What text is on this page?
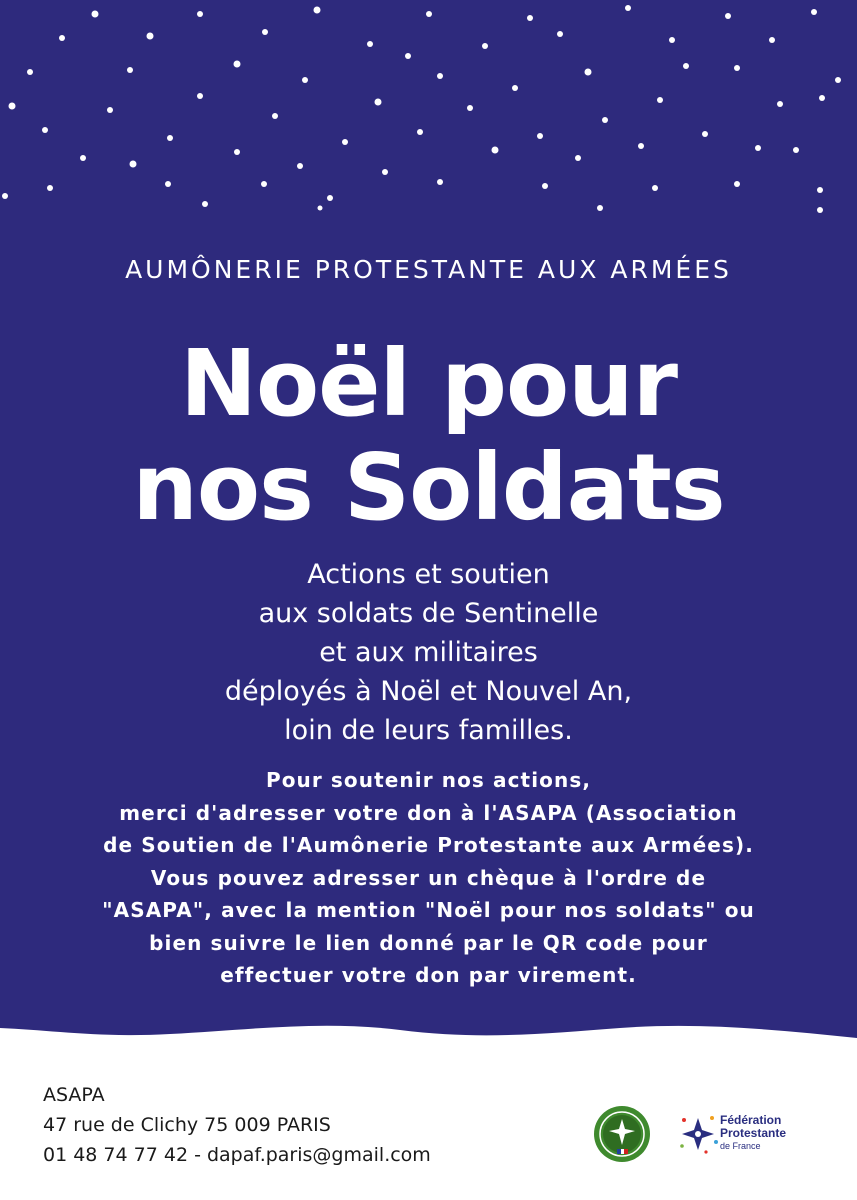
AUMÔNERIE PROTESTANTE AUX ARMÉES
Noël pour
nos Soldats
Actions et soutien
aux soldats de Sentinelle
et aux militaires
déployés à Noël et Nouvel An,
loin de leurs familles.
Pour soutenir nos actions,
merci d'adresser votre don à l'ASAPA (Association
de Soutien de l'Aumônerie Protestante aux Armées).
Vous pouvez adresser un chèque à l'ordre de
"ASAPA", avec la mention "Noël pour nos soldats" ou
bien suivre le lien donné par le QR code pour
effectuer votre don par virement.
ASAPA
47 rue de Clichy 75 009 PARIS
01 48 74 77 42 - dapaf.paris@gmail.com
Fédération
Protestante
de France
